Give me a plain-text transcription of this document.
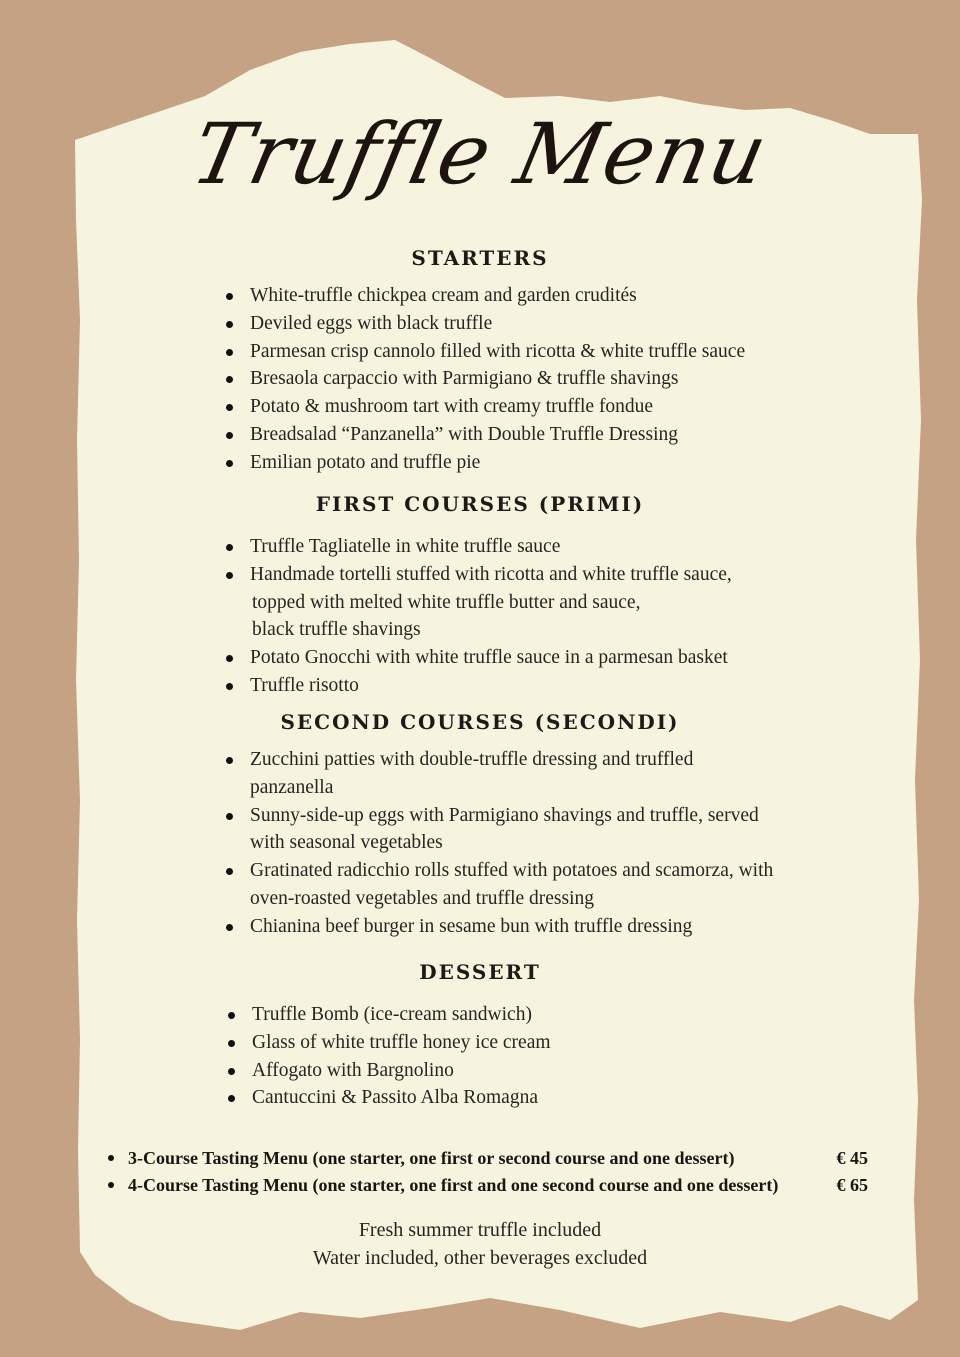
Truffle Menu
STARTERS
White-truffle chickpea cream and garden crudités
Deviled eggs with black truffle
Parmesan crisp cannolo filled with ricotta & white truffle sauce
Bresaola carpaccio with Parmigiano & truffle shavings
Potato & mushroom tart with creamy truffle fondue
Breadsalad “Panzanella” with Double Truffle Dressing
Emilian potato and truffle pie
FIRST COURSES (PRIMI)
Truffle Tagliatelle in white truffle sauce
Handmade tortelli stuffed with ricotta and white truffle sauce,
topped with melted white truffle butter and sauce,
black truffle shavings
Potato Gnocchi with white truffle sauce in a parmesan basket
Truffle risotto
SECOND COURSES (SECONDI)
Zucchini patties with double-truffle dressing and truffled
panzanella
Sunny-side-up eggs with Parmigiano shavings and truffle, served
with seasonal vegetables
Gratinated radicchio rolls stuffed with potatoes and scamorza, with
oven-roasted vegetables and truffle dressing
Chianina beef burger in sesame bun with truffle dressing
DESSERT
Truffle Bomb (ice-cream sandwich)
Glass of white truffle honey ice cream
Affogato with Bargnolino
Cantuccini & Passito Alba Romagna
3-Course Tasting Menu (one starter, one first or second course and one dessert)	€ 45
4-Course Tasting Menu (one starter, one first and one second course and one dessert)	€ 65
Fresh summer truffle included
Water included, other beverages excluded
